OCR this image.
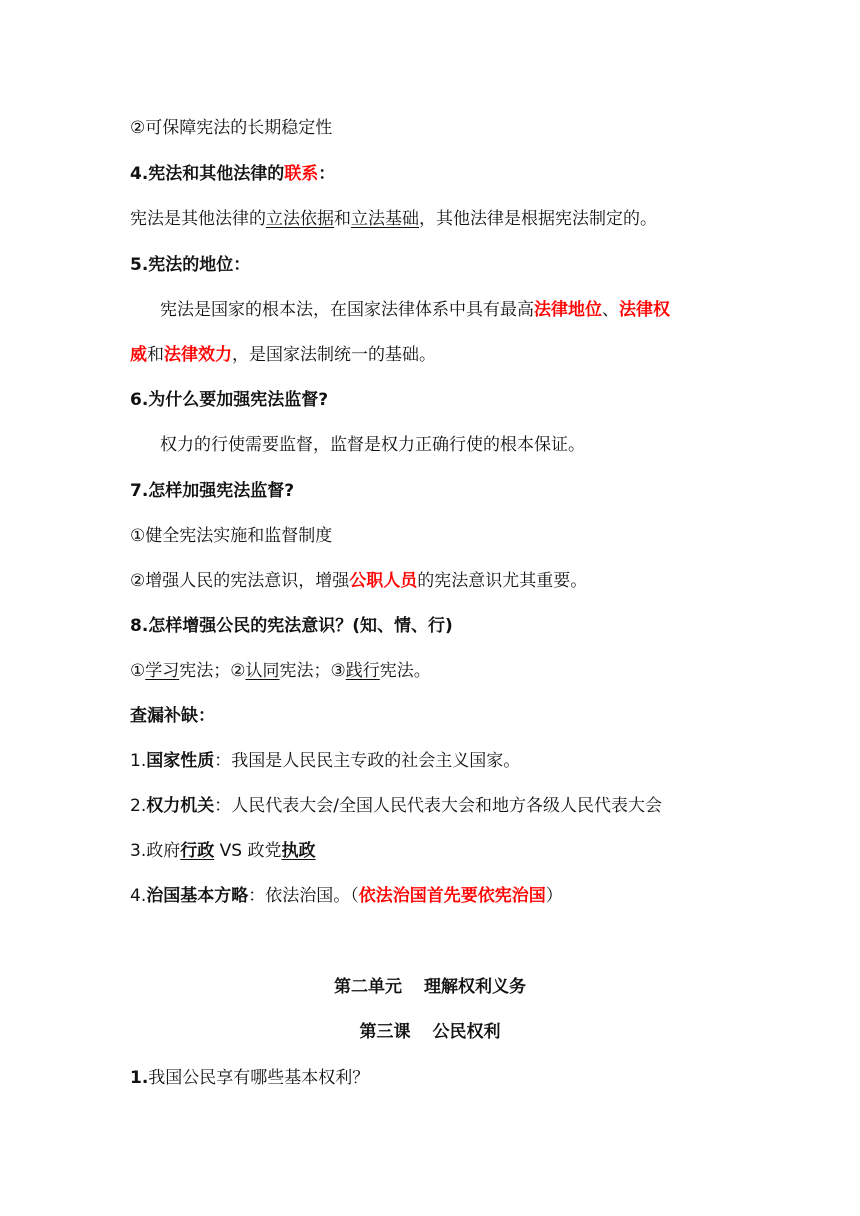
②可保障宪法的长期稳定性
4.宪法和其他法律的联系：
宪法是其他法律的立法依据和立法基础，其他法律是根据宪法制定的。
5.宪法的地位：
宪法是国家的根本法，在国家法律体系中具有最高法律地位、法律权
威和法律效力，是国家法制统一的基础。
6.为什么要加强宪法监督?
权力的行使需要监督，监督是权力正确行使的根本保证。
7.怎样加强宪法监督?
①健全宪法实施和监督制度
②增强人民的宪法意识，增强公职人员的宪法意识尤其重要。
8.怎样增强公民的宪法意识？(知、情、行)
①学习宪法；②认同宪法；③践行宪法。
查漏补缺：
1.国家性质：我国是人民民主专政的社会主义国家。
2.权力机关：人民代表大会/全国人民代表大会和地方各级人民代表大会
3.政府行政 VS 政党执政
4.治国基本方略：依法治国。（依法治国首先要依宪治国）
第二单元 理解权利义务
第三课 公民权利
1.我国公民享有哪些基本权利？
